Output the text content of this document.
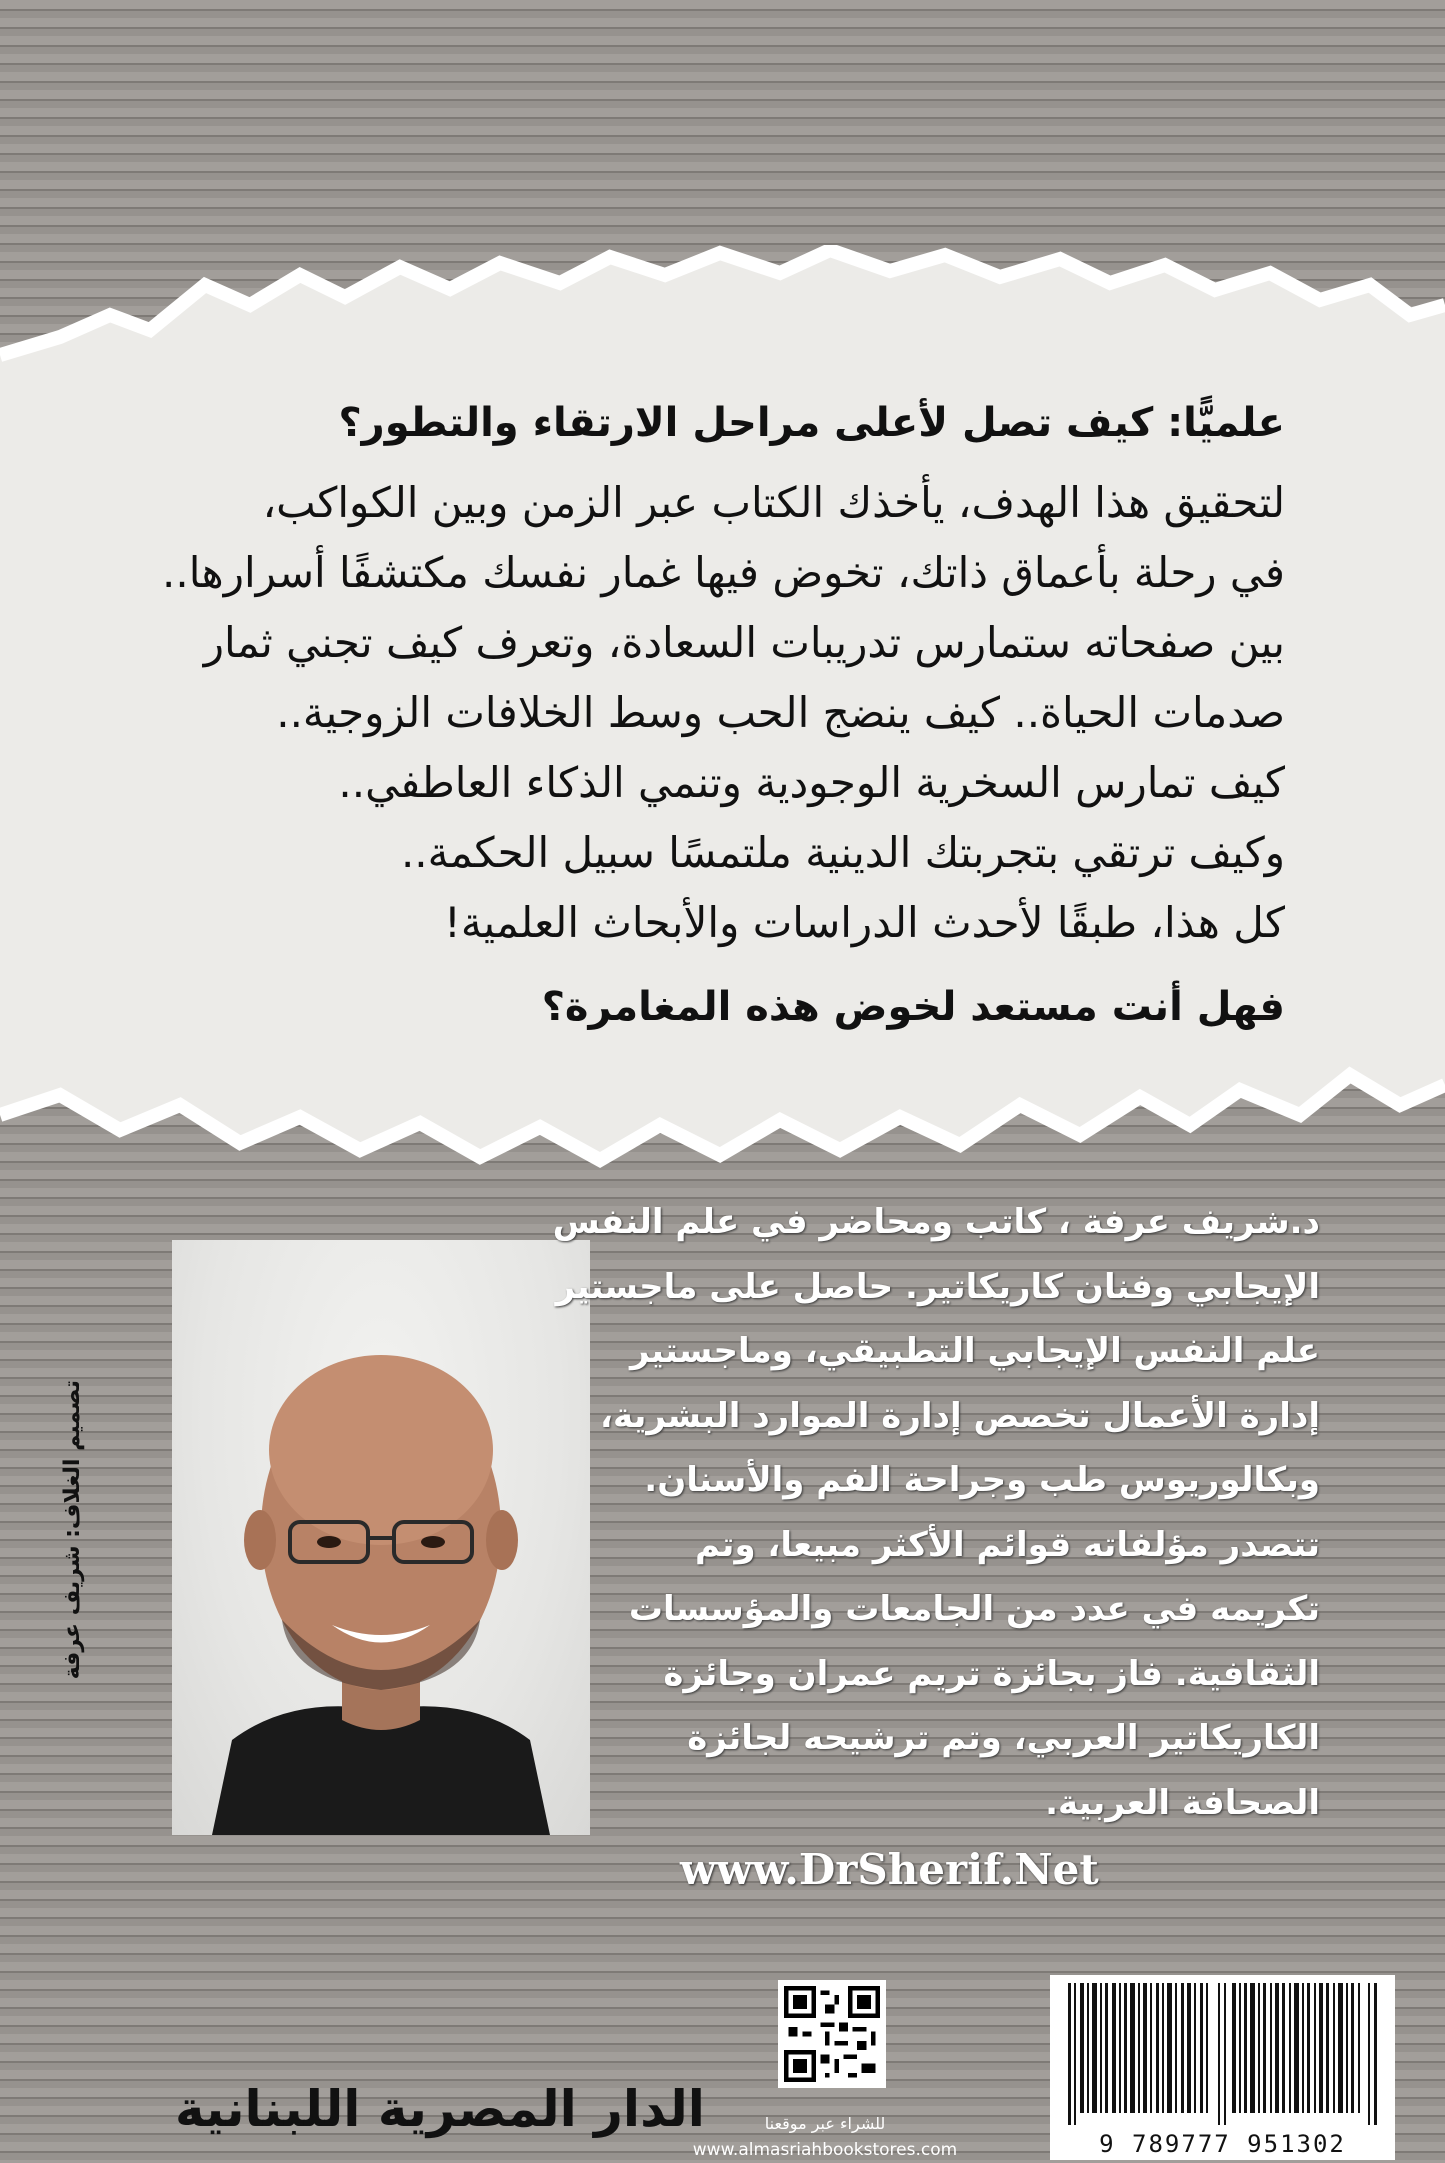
علميًّا: كيف تصل لأعلى مراحل الارتقاء والتطور؟
لتحقيق هذا الهدف، يأخذك الكتاب عبر الزمن وبين الكواكب،
في رحلة بأعماق ذاتك، تخوض فيها غمار نفسك مكتشفًا أسرارها..
بين صفحاته ستمارس تدريبات السعادة، وتعرف كيف تجني ثمار
صدمات الحياة.. كيف ينضج الحب وسط الخلافات الزوجية..
كيف تمارس السخرية الوجودية وتنمي الذكاء العاطفي..
وكيف ترتقي بتجربتك الدينية ملتمسًا سبيل الحكمة..
كل هذا، طبقًا لأحدث الدراسات والأبحاث العلمية!
فهل أنت مستعد لخوض هذه المغامرة؟
تصميم الغلاف: شريف عرفة
د.شريف عرفة ، كاتب ومحاضر في علم النفس
الإيجابي وفنان كاريكاتير. حاصل على ماجستير
علم النفس الإيجابي التطبيقي، وماجستير
إدارة الأعمال تخصص إدارة الموارد البشرية،
وبكالوريوس طب وجراحة الفم والأسنان.
تتصدر مؤلفاته قوائم الأكثر مبيعا، وتم
تكريمه في عدد من الجامعات والمؤسسات
الثقافية. فاز بجائزة تريم عمران وجائزة
الكاريكاتير العربي، وتم ترشيحه لجائزة
الصحافة العربية.
www.DrSherif.Net
للشراء عبر موقعنا
www.almasriahbookstores.com	9 789777 951302
الدار المصرية اللبنانية
